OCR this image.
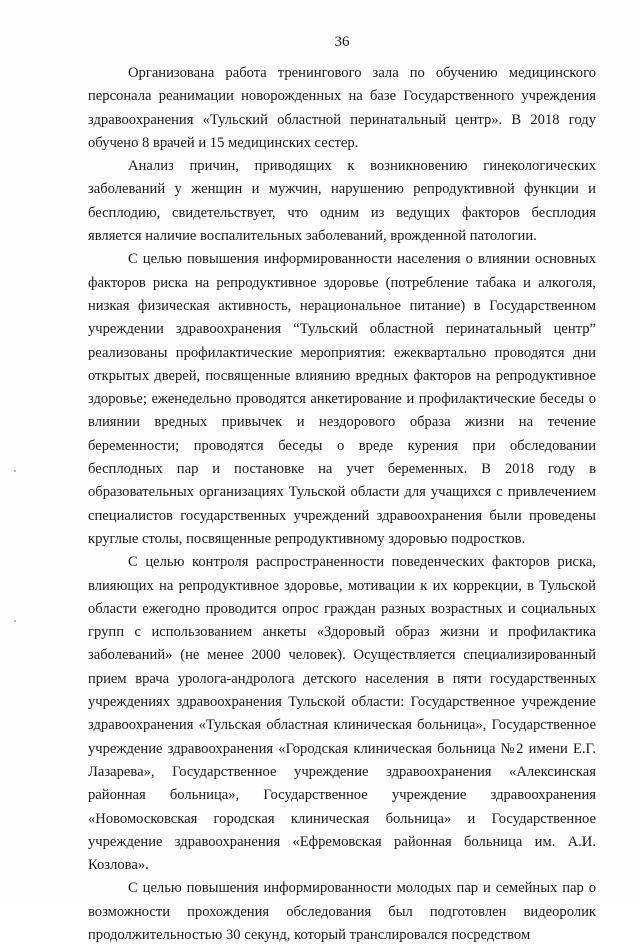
36

Организована работа тренингового зала по обучению медицинского персонала реанимации новорожденных на базе Государственного учреждения здравоохранения «Тульский областной перинатальный центр». В 2018 году обучено 8 врачей и 15 медицинских сестер.

Анализ причин, приводящих к возникновению гинекологических заболеваний у женщин и мужчин, нарушению репродуктивной функции и бесплодию, свидетельствует, что одним из ведущих факторов бесплодия является наличие воспалительных заболеваний, врожденной патологии.

С целью повышения информированности населения о влиянии основных факторов риска на репродуктивное здоровье (потребление табака и алкоголя, низкая физическая активность, нерациональное питание) в Государственном учреждении здравоохранения “Тульский областной перинатальный центр” реализованы профилактические мероприятия: ежеквартально проводятся дни открытых дверей, посвященные влиянию вредных факторов на репродуктивное здоровье; еженедельно проводятся анкетирование и профилактические беседы о влиянии вредных привычек и нездорового образа жизни на течение беременности; проводятся беседы о вреде курения при обследовании бесплодных пар и постановке на учет беременных. В 2018 году в образовательных организациях Тульской области для учащихся с привлечением специалистов государственных учреждений здравоохранения были проведены круглые столы, посвященные репродуктивному здоровью подростков.

С целью контроля распространенности поведенческих факторов риска, влияющих на репродуктивное здоровье, мотивации к их коррекции, в Тульской области ежегодно проводится опрос граждан разных возрастных и социальных групп с использованием анкеты «Здоровый образ жизни и профилактика заболеваний» (не менее 2000 человек). Осуществляется специализированный прием врача уролога-андролога детского населения в пяти государственных учреждениях здравоохранения Тульской области: Государственное учреждение здравоохранения «Тульская областная клиническая больница», Государственное учреждение здравоохранения «Городская клиническая больница №2 имени Е.Г. Лазарева», Государственное учреждение здравоохранения «Алексинская районная больница», Государственное учреждение здравоохранения «Новомосковская городская клиническая больница» и Государственное учреждение здравоохранения «Ефремовская районная больница им. А.И. Козлова».

С целью повышения информированности молодых пар и семейных пар о возможности прохождения обследования был подготовлен видеоролик продолжительностью 30 секунд, который транслировался посредством
